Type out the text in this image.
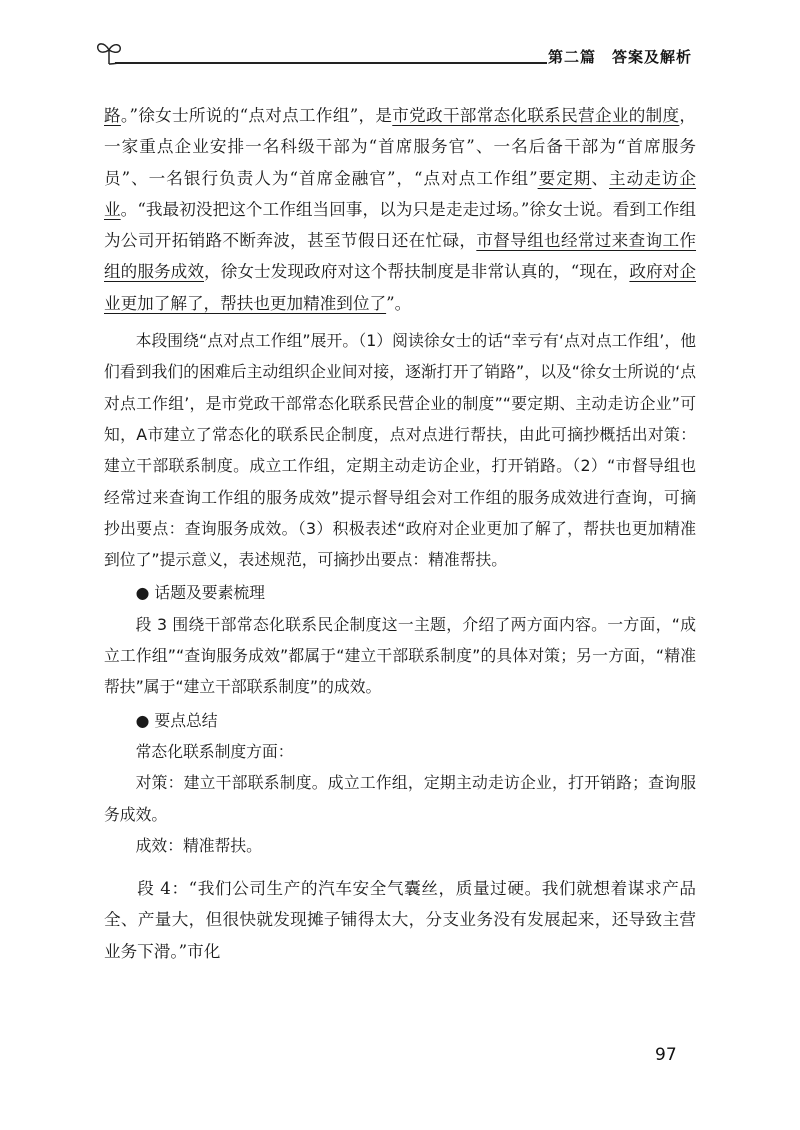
第二篇　答案及解析

路。”徐女士所说的“点对点工作组”，是市党政干部常态化联系民营企业的制度，一家重点企业安排一名科级干部为“首席服务官”、一名后备干部为“首席服务员”、一名银行负责人为“首席金融官”，“点对点工作组”要定期、主动走访企业。“我最初没把这个工作组当回事，以为只是走走过场。”徐女士说。看到工作组为公司开拓销路不断奔波，甚至节假日还在忙碌，市督导组也经常过来查询工作组的服务成效，徐女士发现政府对这个帮扶制度是非常认真的，“现在，政府对企业更加了解了，帮扶也更加精准到位了”。

本段围绕“点对点工作组”展开。（1）阅读徐女士的话“幸亏有‘点对点工作组’，他们看到我们的困难后主动组织企业间对接，逐渐打开了销路”，以及“徐女士所说的‘点对点工作组’，是市党政干部常态化联系民营企业的制度”“要定期、主动走访企业”可知，A市建立了常态化的联系民企制度，点对点进行帮扶，由此可摘抄概括出对策：建立干部联系制度。成立工作组，定期主动走访企业，打开销路。（2）“市督导组也经常过来查询工作组的服务成效”提示督导组会对工作组的服务成效进行查询，可摘抄出要点：查询服务成效。（3）积极表述“政府对企业更加了解了，帮扶也更加精准到位了”提示意义，表述规范，可摘抄出要点：精准帮扶。

● 话题及要素梳理

段 3 围绕干部常态化联系民企制度这一主题，介绍了两方面内容。一方面，“成立工作组”“查询服务成效”都属于“建立干部联系制度”的具体对策；另一方面，“精准帮扶”属于“建立干部联系制度”的成效。

● 要点总结

常态化联系制度方面：

对策：建立干部联系制度。成立工作组，定期主动走访企业，打开销路；查询服务成效。

成效：精准帮扶。

段 4：“我们公司生产的汽车安全气囊丝，质量过硬。我们就想着谋求产品全、产量大，但很快就发现摊子铺得太大，分支业务没有发展起来，还导致主营业务下滑。”市化

97
